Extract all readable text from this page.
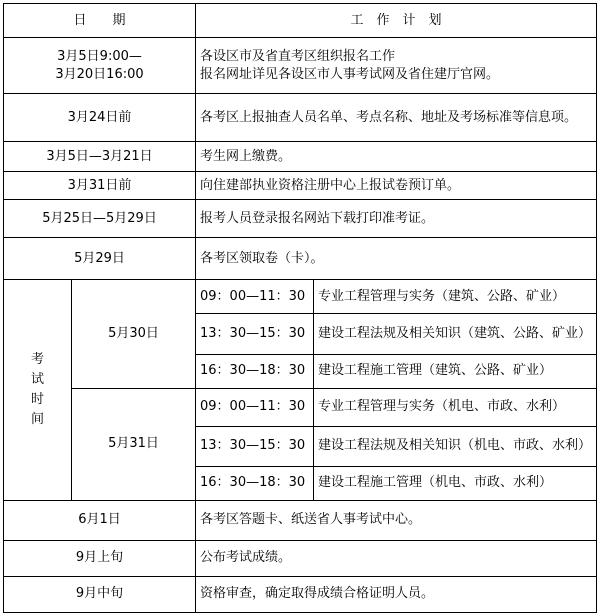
日　　期		工　作　计　划	
3月5日9:00—
3月20日16:00		各设区市及省直考区组织报名工作
报名网址详见各设区市人事考试网及省住建厅官网。	
3月24日前		各考区上报抽查人员名单、考点名称、地址及考场标准等信息项。	
3月5日—3月21日		考生网上缴费。	
3月31日前		向住建部执业资格注册中心上报试卷预订单。	
5月25日—5月29日		报考人员登录报名网站下载打印准考证。	
5月29日		各考区领取卷（卡）。	

考
试
时
间	5月30日	09：00—11：30	专业工程管理与实务（建筑、公路、矿业）
		13：30—15：30	建设工程法规及相关知识（建筑、公路、矿业）
		16：30—18：30	建设工程施工管理（建筑、公路、矿业）
	5月31日	09：00—11：30	专业工程管理与实务（机电、市政、水利）
		13：30—15：30	建设工程法规及相关知识（机电、市政、水利）
		16：30—18：30	建设工程施工管理（机电、市政、水利）
6月1日		各考区答题卡、纸送省人事考试中心。	
9月上旬		公布考试成绩。	
9月中旬		资格审查，确定取得成绩合格证明人员。	
